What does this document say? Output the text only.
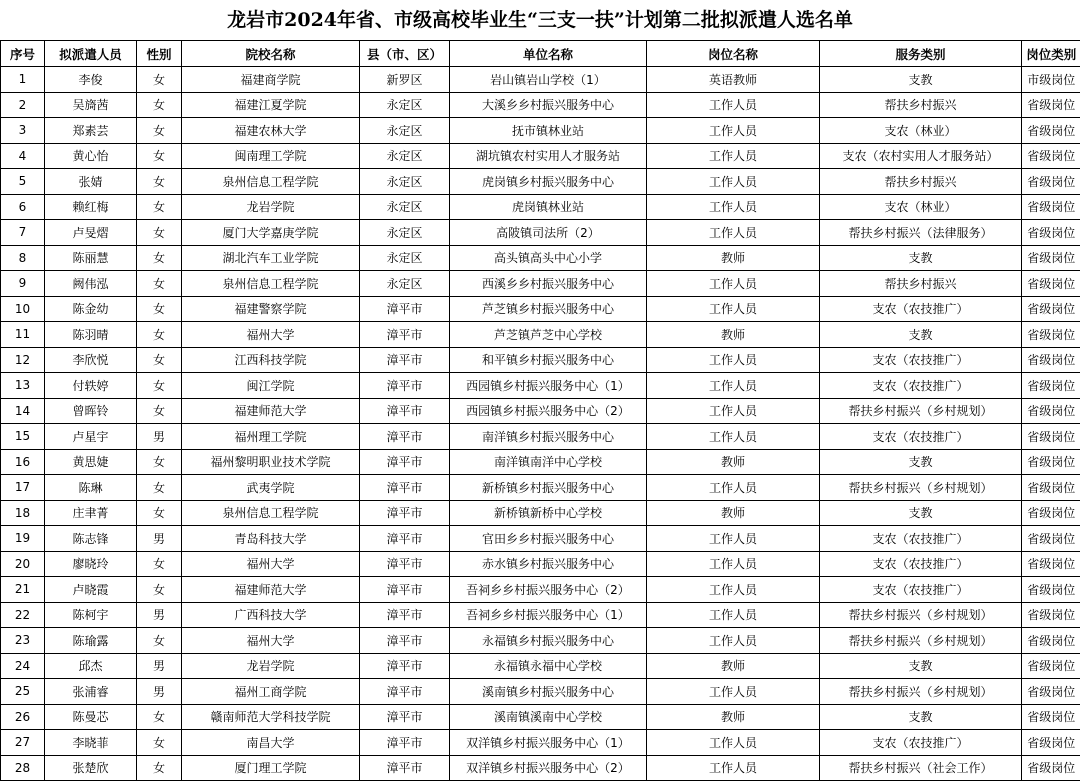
龙岩市2024年省、市级高校毕业生“三支一扶”计划第二批拟派遣人选名单
序号	拟派遣人员	性别	院校名称	县（市、区）	单位名称	岗位名称	服务类别	岗位类别
1	李俊	女	福建商学院	新罗区	岩山镇岩山学校（1）	英语教师	支教	市级岗位
2	吴旖茜	女	福建江夏学院	永定区	大溪乡乡村振兴服务中心	工作人员	帮扶乡村振兴	省级岗位
3	郑素芸	女	福建农林大学	永定区	抚市镇林业站	工作人员	支农（林业）	省级岗位
4	黄心怡	女	闽南理工学院	永定区	湖坑镇农村实用人才服务站	工作人员	支农（农村实用人才服务站）	省级岗位
5	张婧	女	泉州信息工程学院	永定区	虎岗镇乡村振兴服务中心	工作人员	帮扶乡村振兴	省级岗位
6	赖红梅	女	龙岩学院	永定区	虎岗镇林业站	工作人员	支农（林业）	省级岗位
7	卢旻熠	女	厦门大学嘉庚学院	永定区	高陂镇司法所（2）	工作人员	帮扶乡村振兴（法律服务）	省级岗位
8	陈丽慧	女	湖北汽车工业学院	永定区	高头镇高头中心小学	教师	支教	省级岗位
9	阙伟泓	女	泉州信息工程学院	永定区	西溪乡乡村振兴服务中心	工作人员	帮扶乡村振兴	省级岗位
10	陈金幼	女	福建警察学院	漳平市	芦芝镇乡村振兴服务中心	工作人员	支农（农技推广）	省级岗位
11	陈羽晴	女	福州大学	漳平市	芦芝镇芦芝中心学校	教师	支教	省级岗位
12	李欣悦	女	江西科技学院	漳平市	和平镇乡村振兴服务中心	工作人员	支农（农技推广）	省级岗位
13	付轶婷	女	闽江学院	漳平市	西园镇乡村振兴服务中心（1）	工作人员	支农（农技推广）	省级岗位
14	曾晖铃	女	福建师范大学	漳平市	西园镇乡村振兴服务中心（2）	工作人员	帮扶乡村振兴（乡村规划）	省级岗位
15	卢星宇	男	福州理工学院	漳平市	南洋镇乡村振兴服务中心	工作人员	支农（农技推广）	省级岗位
16	黄思婕	女	福州黎明职业技术学院	漳平市	南洋镇南洋中心学校	教师	支教	省级岗位
17	陈琳	女	武夷学院	漳平市	新桥镇乡村振兴服务中心	工作人员	帮扶乡村振兴（乡村规划）	省级岗位
18	庄聿菁	女	泉州信息工程学院	漳平市	新桥镇新桥中心学校	教师	支教	省级岗位
19	陈志锋	男	青岛科技大学	漳平市	官田乡乡村振兴服务中心	工作人员	支农（农技推广）	省级岗位
20	廖晓玲	女	福州大学	漳平市	赤水镇乡村振兴服务中心	工作人员	支农（农技推广）	省级岗位
21	卢晓霞	女	福建师范大学	漳平市	吾祠乡乡村振兴服务中心（2）	工作人员	支农（农技推广）	省级岗位
22	陈柯宇	男	广西科技大学	漳平市	吾祠乡乡村振兴服务中心（1）	工作人员	帮扶乡村振兴（乡村规划）	省级岗位
23	陈瑜露	女	福州大学	漳平市	永福镇乡村振兴服务中心	工作人员	帮扶乡村振兴（乡村规划）	省级岗位
24	邱杰	男	龙岩学院	漳平市	永福镇永福中心学校	教师	支教	省级岗位
25	张浦睿	男	福州工商学院	漳平市	溪南镇乡村振兴服务中心	工作人员	帮扶乡村振兴（乡村规划）	省级岗位
26	陈曼芯	女	赣南师范大学科技学院	漳平市	溪南镇溪南中心学校	教师	支教	省级岗位
27	李晓菲	女	南昌大学	漳平市	双洋镇乡村振兴服务中心（1）	工作人员	支农（农技推广）	省级岗位
28	张楚欣	女	厦门理工学院	漳平市	双洋镇乡村振兴服务中心（2）	工作人员	帮扶乡村振兴（社会工作）	省级岗位
